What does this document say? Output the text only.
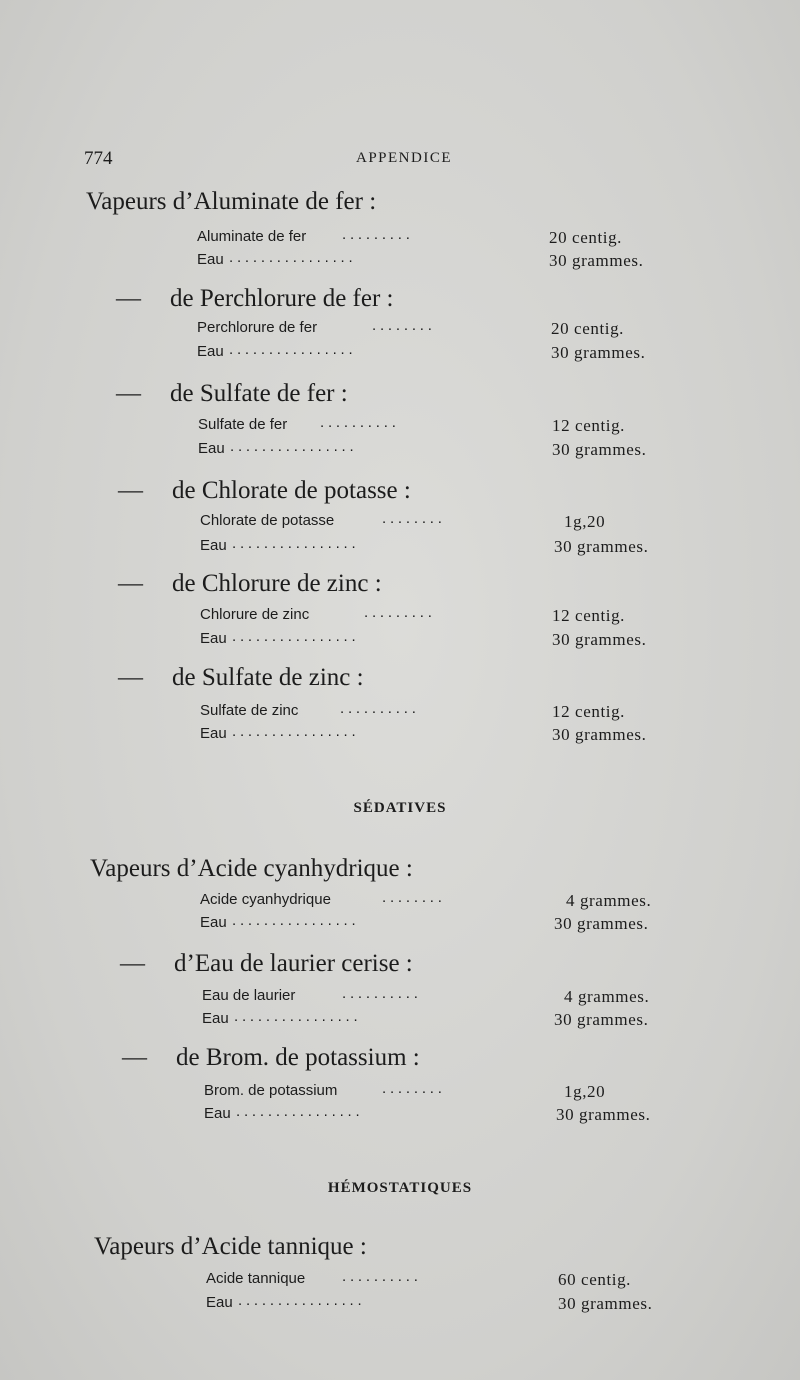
774	APPENDICE
Vapeurs d’Aluminate de fer :
Aluminate de fer .........	20 centig.
Eau ................	30 grammes.
— de Perchlorure de fer :
Perchlorure de fer	........	20 centig.
Eau ................	30 grammes.
— de Sulfate de fer :
Sulfate de fer ..........	12 centig.
Eau ................	30 grammes.
— de Chlorate de potasse :
Chlorate de potasse	........	1g,20
Eau ................	30 grammes.
— de Chlorure de zinc :
Chlorure de zinc	.........	12 centig.
Eau ................	30 grammes.
— de Sulfate de zinc :
Sulfate de zinc	..........	12 centig.
Eau ................	30 grammes.
SÉDATIVES
Vapeurs d’Acide cyanhydrique :
Acide cyanhydrique	........	4 grammes.
Eau ................	30 grammes.
— d’Eau de laurier cerise :
Eau de laurier	..........	4 grammes.
Eau ................	30 grammes.
— de Brom. de potassium :
Brom. de potassium	........	1g,20
Eau ................	30 grammes.
HÉMOSTATIQUES
Vapeurs d’Acide tannique :
Acide tannique ..........	60 centig.
Eau ................	30 grammes.
